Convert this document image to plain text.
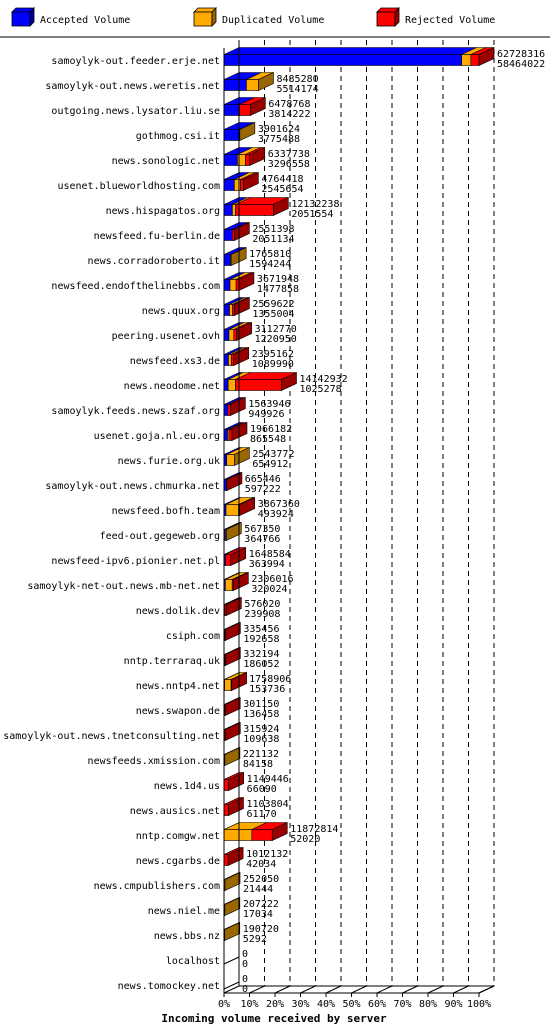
Accepted Volume	Duplicated Volume	Rejected Volume
0% 10% 20% 30% 40% 50% 60% 70% 80% 90% 100%
samoylyk-out.feeder.erje.net
samoylyk-out.news.weretis.net
outgoing.news.lysator.liu.se
gothmog.csi.it
news.sonologic.net
usenet.blueworldhosting.com
news.hispagatos.org
newsfeed.fu-berlin.de
news.corradoroberto.it
newsfeed.endofthelinebbs.com
news.quux.org
peering.usenet.ovh
newsfeed.xs3.de
news.neodome.net
samoylyk.feeds.news.szaf.org
usenet.goja.nl.eu.org
news.furie.org.uk
samoylyk-out.news.chmurka.net
newsfeed.bofh.team
feed-out.gegeweb.org
newsfeed-ipv6.pionier.net.pl
samoylyk-net-out.news.mb-net.net
news.dolik.dev
csiph.com
nntp.terraraq.uk
news.nntp4.net
news.swapon.de
samoylyk-out.news.tnetconsulting.net
newsfeeds.xmission.com
news.1d4.us
news.ausics.net
nntp.comgw.net
news.cgarbs.de
news.cmpublishers.com
news.niel.me
news.bbs.nz
localhost
news.tomockey.net
62728316
58464022
8485280
5514174
6478768
3814222
3901624
3775488
6337738
3296558
4764418
2545654
12132238
2051554
2551398
2051134
1765810
1594244
3671948
1477858
2559622
1355004
3112770
1220950
2395162
1089990
14142932
1025278
1563946
949926
1966182
865548
2543772
654912
665446
597222
3867360
493924
567350
364766
1648584
363994
2306016
320024
576020
239908
335456
192658
332194
186052
1758906
153736
301150
136458
315924
109638
221132
84158
1149446
66090
1103804
61170
11872814
52020
1012132
42034
252050
21444
207222
17034
190720
5292
0
0
0
0
Incoming volume received by server
